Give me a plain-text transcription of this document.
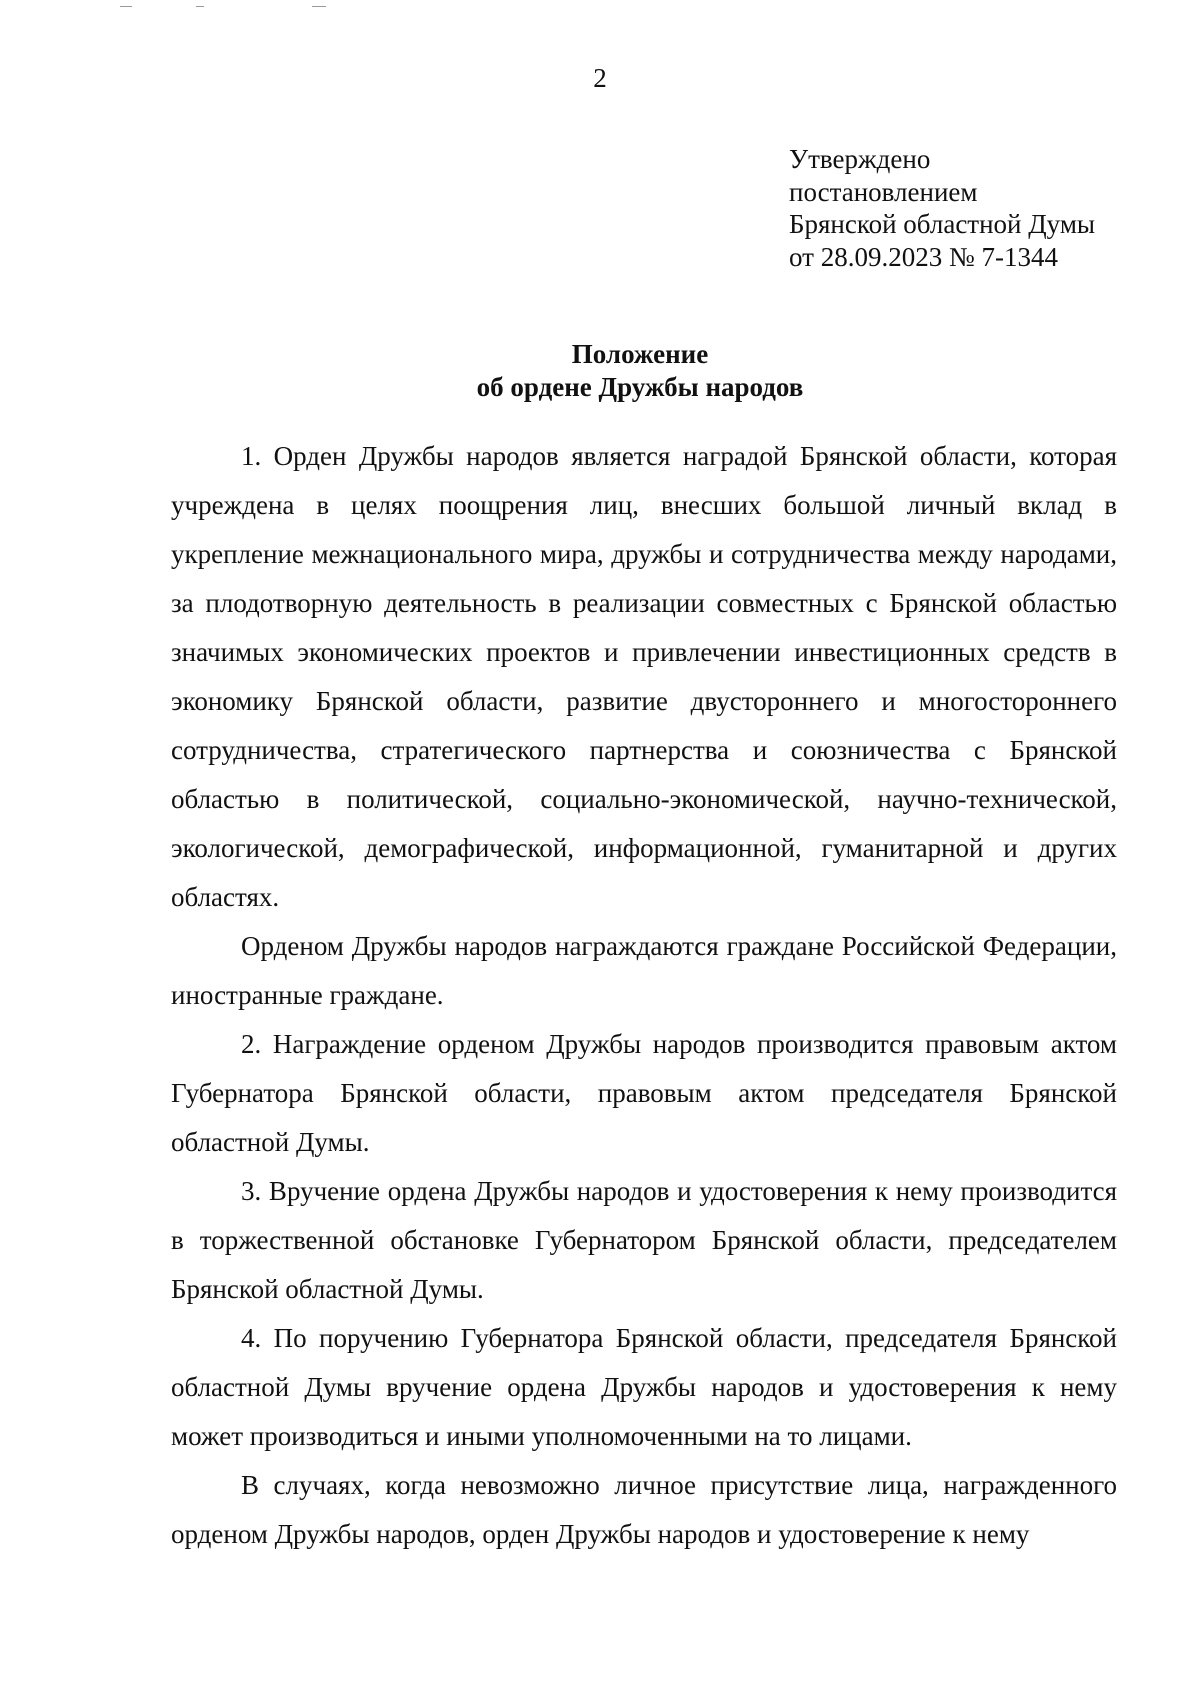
2
Утверждено
постановлением
Брянской областной Думы
от 28.09.2023 № 7-1344
Положение
об ордене Дружбы народов

1. Орден Дружбы народов является наградой Брянской области, которая учреждена в целях поощрения лиц, внесших большой личный вклад в укрепление межнационального мира, дружбы и сотрудничества между народами, за плодотворную деятельность в реализации совместных с Брянской областью значимых экономических проектов и привлечении инвестиционных средств в экономику Брянской области, развитие двустороннего и многостороннего сотрудничества, стратегического партнерства и союзничества с Брянской областью в политической, социально-экономической, научно-технической, экологической, демографической, информационной, гуманитарной и других областях.

Орденом Дружбы народов награждаются граждане Российской Федерации, иностранные граждане.

2. Награждение орденом Дружбы народов производится правовым актом Губернатора Брянской области, правовым актом председателя Брянской областной Думы.

3. Вручение ордена Дружбы народов и удостоверения к нему производится в торжественной обстановке Губернатором Брянской области, председателем Брянской областной Думы.

4. По поручению Губернатора Брянской области, председателя Брянской областной Думы вручение ордена Дружбы народов и удостоверения к нему может производиться и иными уполномоченными на то лицами.

В случаях, когда невозможно личное присутствие лица, награжденного орденом Дружбы народов, орден Дружбы народов и удостоверение к нему
